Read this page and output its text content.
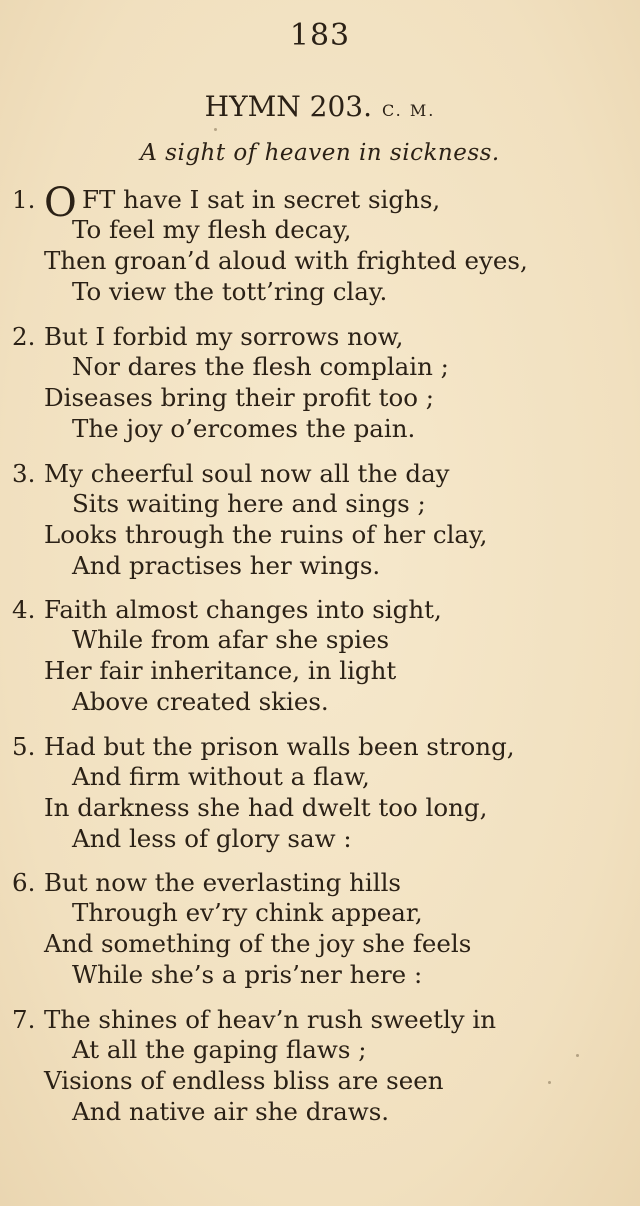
183
HYMN 203. C. M.
A sight of heaven in sickness.
1. O FT have I sat in secret sighs,
To feel my flesh decay,
Then groan’d aloud with frighted eyes,
To view the tott’ring clay.
2. But I forbid my sorrows now,
Nor dares the flesh complain ;
Diseases bring their profit too ;
The joy o’ercomes the pain.
3. My cheerful soul now all the day
Sits waiting here and sings ;
Looks through the ruins of her clay,
And practises her wings.
4. Faith almost changes into sight,
While from afar she spies
Her fair inheritance, in light
Above created skies.
5. Had but the prison walls been strong,
And firm without a flaw,
In darkness she had dwelt too long,
And less of glory saw :
6. But now the everlasting hills
Through ev’ry chink appear,
And something of the joy she feels
While she’s a pris’ner here :
7. The shines of heav’n rush sweetly in
At all the gaping flaws ;
Visions of endless bliss are seen
And native air she draws.
